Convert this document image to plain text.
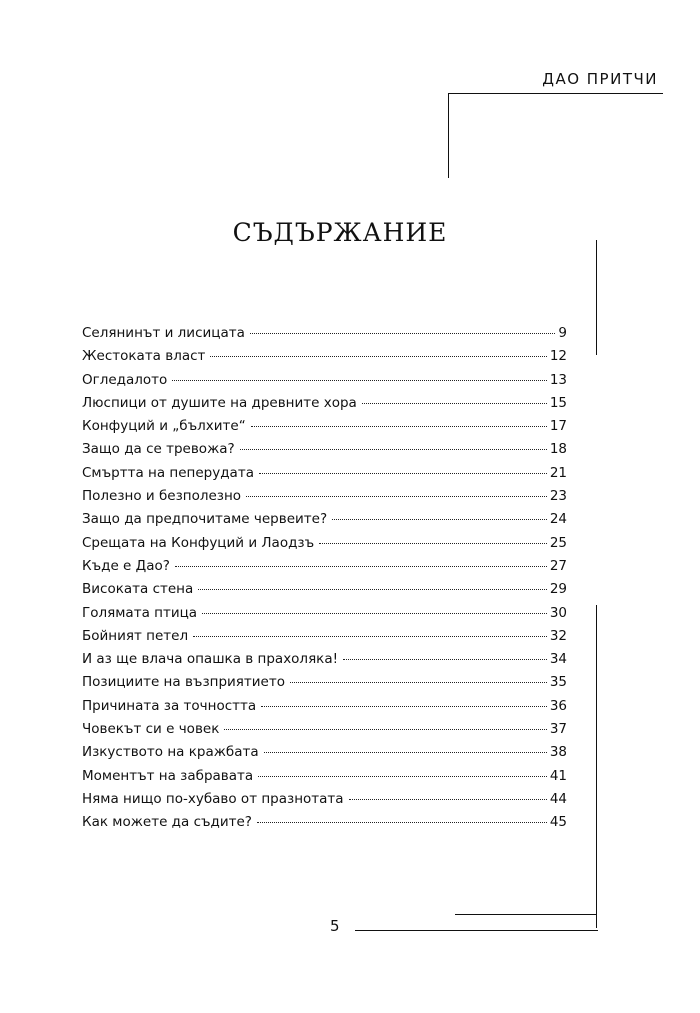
ДАО ПРИТЧИ
СЪДЪРЖАНИЕ
Селянинът и лисицата	9
Жестоката власт	12
Огледалото	13
Люспици от душите на древните хора	15
Конфуций и „бълхите“	17
Защо да се тревожа?	18
Смъртта на пеперудата	21
Полезно и безполезно	23
Защо да предпочитаме червеите?	24
Срещата на Конфуций и Лаодзъ	25
Къде е Дао?	27
Високата стена	29
Голямата птица	30
Бойният петел	32
И аз ще влача опашка в прахоляка!	34
Позициите на възприятието	35
Причината за точността	36
Човекът си е човек	37
Изкуството на кражбата	38
Моментът на забравата	41
Няма нищо по-хубаво от празнотата	44
Как можете да съдите?	45
5
